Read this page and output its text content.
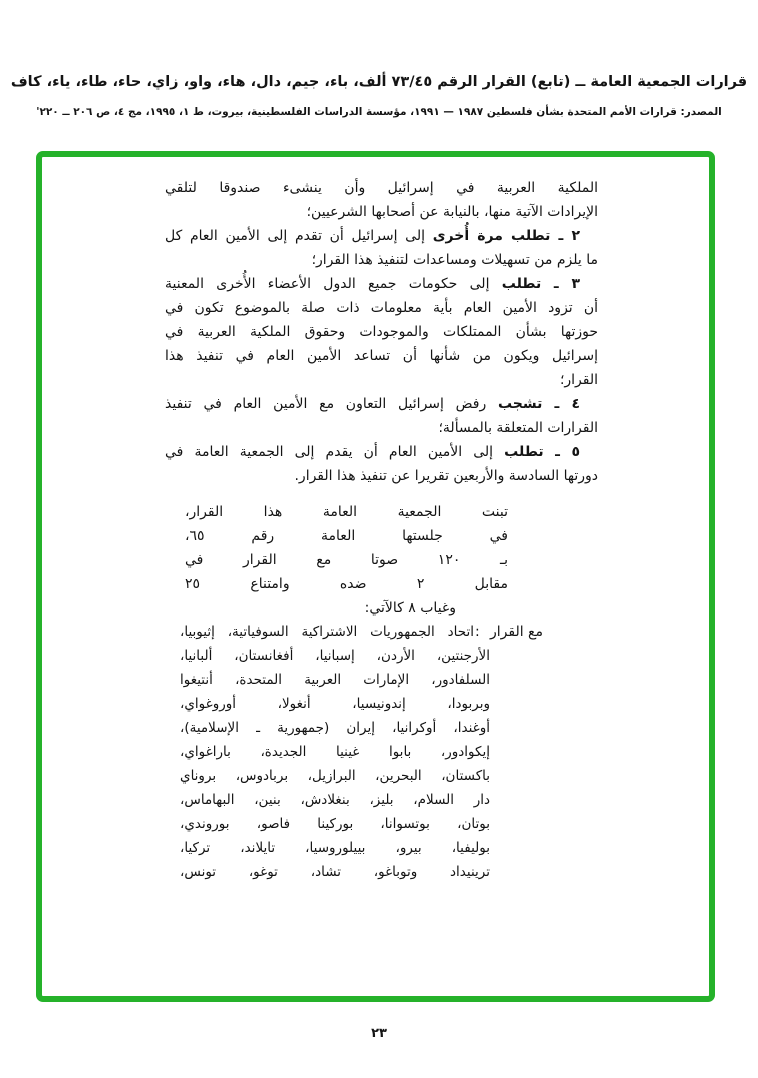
قرارات الجمعية العامة ــ (تابع) القرار الرقم ٧٣/٤٥ ألف، باء، جيم، دال، هاء، واو، زاي، حاء، طاء، ياء، كاف
المصدر: قرارات الأمم المتحدة بشأن فلسطين ١٩٨٧ — ١٩٩١، مؤسسة الدراسات الفلسطينية، بيروت، ط ١، ١٩٩٥، مج ٤، ص ٢٠٦ ــ ٢٢٠'
الملكية العربية في إسرائيل وأن ينشىء صندوقا لتلقي
الإيرادات الآتية منها، بالنيابة عن أصحابها الشرعيين؛
٢ ـ تطلب مرة أُخرى إلى إسرائيل أن تقدم إلى الأمين العام كل
ما يلزم من تسهيلات ومساعدات لتنفيذ هذا القرار؛
٣ ـ تطلب إلى حكومات جميع الدول الأعضاء الأُخرى المعنية
أن تزود الأمين العام بأية معلومات ذات صلة بالموضوع تكون في
حوزتها بشأن الممتلكات والموجودات وحقوق الملكية العربية في
إسرائيل ويكون من شأنها أن تساعد الأمين العام في تنفيذ هذا
القرار؛
٤ ـ تشجب رفض إسرائيل التعاون مع الأمين العام في تنفيذ
القرارات المتعلقة بالمسألة؛
٥ ـ تطلب إلى الأمين العام أن يقدم إلى الجمعية العامة في
دورتها السادسة والأربعين تقريرا عن تنفيذ هذا القرار.
تبنت الجمعية العامة هذا القرار،
في جلستها العامة رقم ٦٥،
بـ ١٢٠ صوتا مع القرار في
مقابل ٢ ضده وامتناع ٢٥
وغياب ٨ كالآتي:
مع القرار
:
اتحاد الجمهوريات الاشتراكية السوفياتية، إثيوبيا،
الأرجنتين، الأردن، إسبانيا، أفغانستان، ألبانيا،
السلفادور، الإمارات العربية المتحدة، أنتيغوا
وبربودا، إندونيسيا، أنغولا، أوروغواي،
أوغندا، أوكرانيا، إيران (جمهورية ـ الإسلامية)،
إيكوادور، بابوا غينيا الجديدة، باراغواي،
باكستان، البحرين، البرازيل، بربادوس، بروناي
دار السلام، بليز، بنغلادش، بنين، البهاماس،
بوتان، بوتسوانا، بوركينا فاصو، بوروندي،
بوليفيا، بيرو، بييلوروسيا، تايلاند، تركيا،
ترينيداد وتوباغو، تشاد، توغو، تونس،
٢٣
